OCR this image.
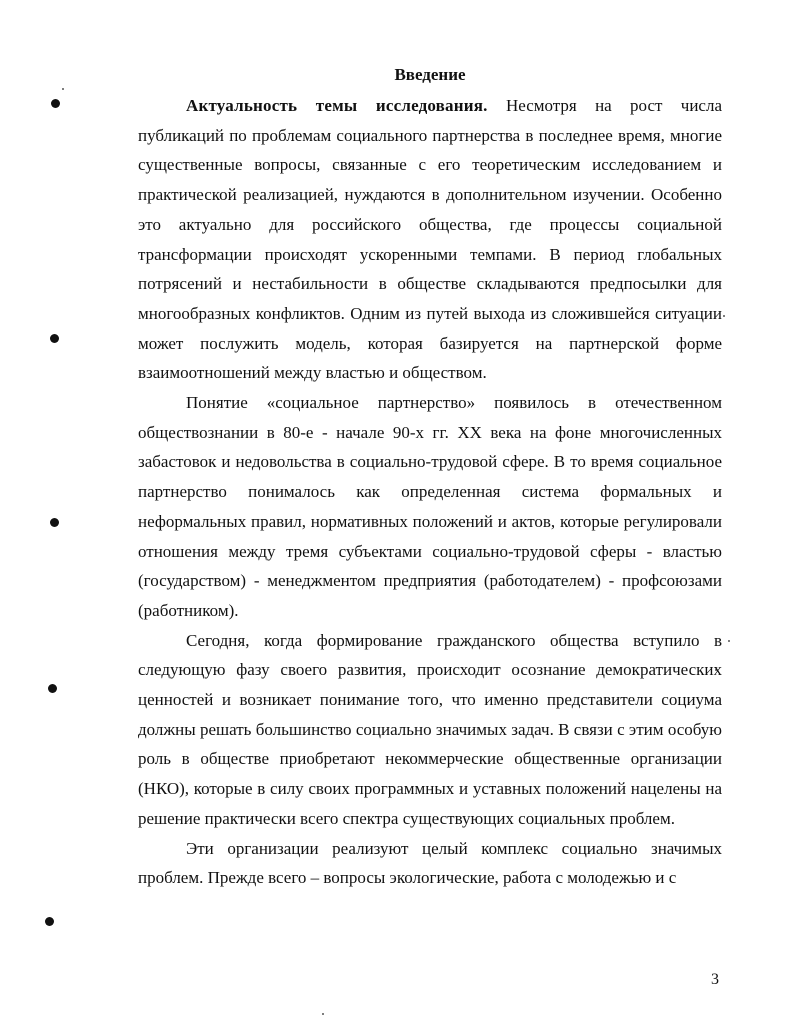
Введение

Актуальность темы исследования. Несмотря на рост числа публикаций по проблемам социального партнерства в последнее время, многие существенные вопросы, связанные с его теоретическим исследованием и практической реализацией, нуждаются в дополнительном изучении. Особенно это актуально для российского общества, где процессы социальной трансформации происходят ускоренными темпами. В период глобальных потрясений и нестабильности в обществе складываются предпосылки для многообразных конфликтов. Одним из путей выхода из сложившейся ситуации может послужить модель, которая базируется на партнерской форме взаимоотношений между властью и обществом.

Понятие «социальное партнерство» появилось в отечественном обществознании в 80-е - начале 90-х гг. XX века на фоне многочисленных забастовок и недовольства в социально-трудовой сфере. В то время социальное партнерство понималось как определенная система формальных и неформальных правил, нормативных положений и актов, которые регулировали отношения между тремя субъектами социально-трудовой сферы - властью (государством) - менеджментом предприятия (работодателем) - профсоюзами (работником).

Сегодня, когда формирование гражданского общества вступило в следующую фазу своего развития, происходит осознание демократических ценностей и возникает понимание того, что именно представители социума должны решать большинство социально значимых задач. В связи с этим особую роль в обществе приобретают некоммерческие общественные организации (НКО), которые в силу своих программных и уставных положений нацелены на решение практически всего спектра существующих социальных проблем.

Эти организации реализуют целый комплекс социально значимых проблем. Прежде всего – вопросы экологические, работа с молодежью и с

3
